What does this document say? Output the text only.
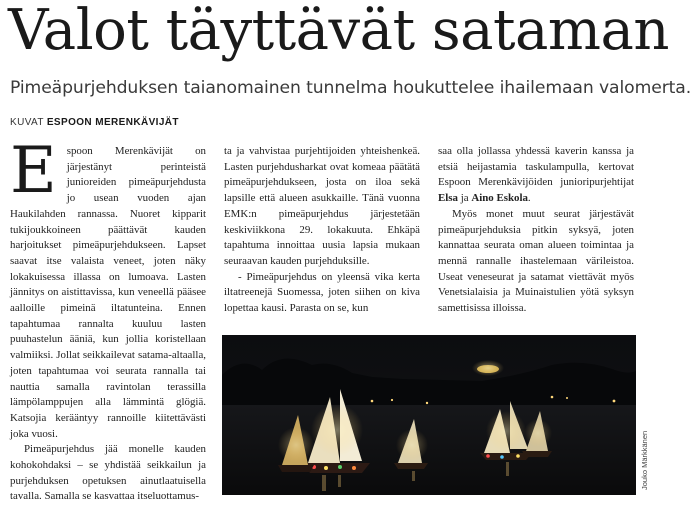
Valot täyttävät sataman

Pimeäpurjehduksen taianomainen tunnelma houkuttelee ihailemaan valomerta.

KUVAT ESPOON MERENKÄVIJÄT

Espoon Merenkävijät on järjestänyt perinteistä junioreiden pimeäpurjehdusta jo usean vuoden ajan Haukilahden rannassa. Nuoret kipparit tukijoukkoineen päättävät kauden harjoitukset pimeäpurjehdukseen. Lapset saavat itse valaista veneet, joten näky lokakuisessa illassa on lumoava. Lasten jännitys on aistittavissa, kun veneellä pääsee aalloille pimeinä iltatunteina. Ennen tapahtumaa rannalta kuuluu lasten puuhastelun ääniä, kun jollia koristellaan valmiiksi. Jollat seikkailevat satama-altaalla, joten tapahtumaa voi seurata rannalla tai nauttia samalla ravintolan terassilla lämpölamppujen alla lämmintä glögiä. Katsojia kerääntyy rannoille kiitettävästi joka vuosi.

Pimeäpurjehdus jää monelle kauden kohokohdaksi – se yhdistää seikkailun ja purjehduksen opetuksen ainutlaatuisella tavalla. Samalla se kasvattaa itseluottamus-

ta ja vahvistaa purjehtijoiden yhteishenkeä. Lasten purjehdusharkat ovat komeaa päätätä pimeäpurjehdukseen, josta on iloa sekä lapsille että alueen asukkaille. Tänä vuonna EMK:n pimeäpurjehdus järjestetään keskiviikkona 29. lokakuuta. Ehkäpä tapahtuma innoittaa uusia lapsia mukaan seuraavan kauden purjehduksille.

- Pimeäpurjehdus on yleensä vika kerta iltatreenejä Suomessa, joten siihen on kiva lopettaa kausi. Parasta on se, kun

saa olla jollassa yhdessä kaverin kanssa ja etsiä heijastamia taskulampulla, kertovat Espoon Merenkävijöiden junioripurjehtijat Elsa ja Aino Eskola.

Myös monet muut seurat järjestävät pimeäpurjehduksia pitkin syksyä, joten kannattaa seurata oman alueen toimintaa ja mennä rannalle ihastelemaan värileistoa. Useat veneseurat ja satamat viettävät myös Venetsialaisia ja Muinaistulien yötä syksyn samettisissa illoissa.

Jouko Märkkänen
